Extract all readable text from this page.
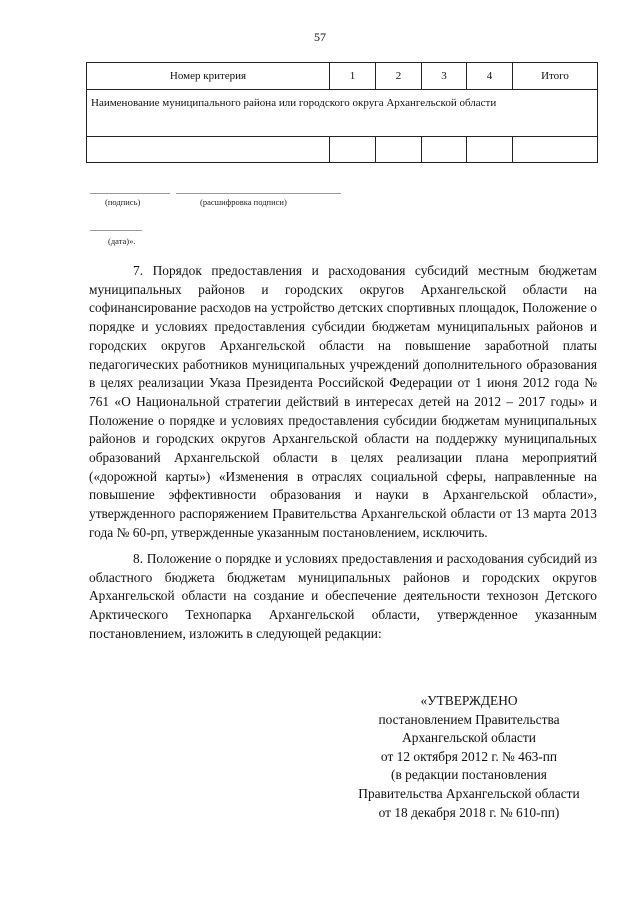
57
Номер критерия	1	2	3	4	Итого
Наименование муниципального района или городского округа Архангельской области					

(подпись)	(расшифровка подписи)
(дата)».

7. Порядок предоставления и расходования субсидий местным бюджетам муниципальных районов и городских округов Архангельской области на софинансирование расходов на устройство детских спортивных площадок, Положение о порядке и условиях предоставления субсидии бюджетам муниципальных районов и городских округов Архангельской области на повышение заработной платы педагогических работников муниципальных учреждений дополнительного образования в целях реализации Указа Президента Российской Федерации от 1 июня 2012 года № 761 «О Национальной стратегии действий в интересах детей на 2012 – 2017 годы» и Положение о порядке и условиях предоставления субсидии бюджетам муниципальных районов и городских округов Архангельской области на поддержку муниципальных образований Архангельской области в целях реализации плана мероприятий («дорожной карты») «Изменения в отраслях социальной сферы, направленные на повышение эффективности образования и науки в Архангельской области», утвержденного распоряжением Правительства Архангельской области от 13 марта 2013 года № 60-рп, утвержденные указанным постановлением, исключить.

8. Положение о порядке и условиях предоставления и расходования субсидий из областного бюджета бюджетам муниципальных районов и городских округов Архангельской области на создание и обеспечение деятельности технозон Детского Арктического Технопарка Архангельской области, утвержденное указанным постановлением, изложить в следующей редакции:

«УТВЕРЖДЕНО
постановлением Правительства
Архангельской области
от 12 октября 2012 г. № 463-пп
(в редакции постановления
Правительства Архангельской области
от 18 декабря 2018 г. № 610-пп)
